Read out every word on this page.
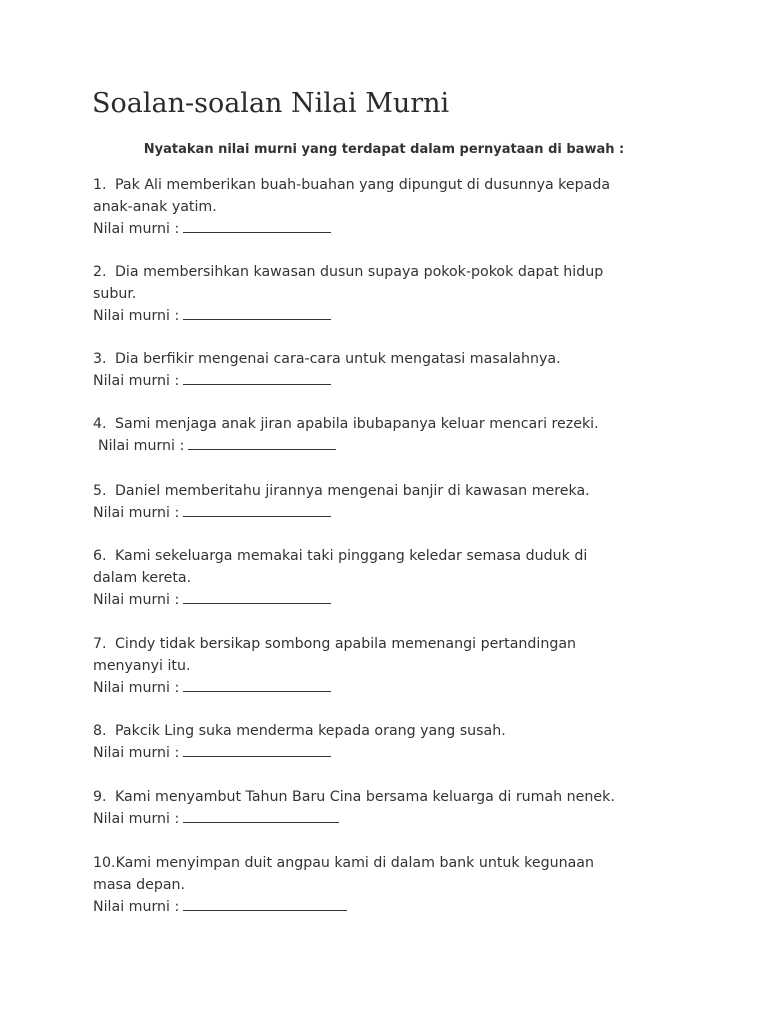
Soalan-soalan Nilai Murni
Nyatakan nilai murni yang terdapat dalam pernyataan di bawah :
1. Pak Ali memberikan buah-buahan yang dipungut di dusunnya kepada
anak-anak yatim.
Nilai murni :
2. Dia membersihkan kawasan dusun supaya pokok-pokok dapat hidup
subur.
Nilai murni :
3. Dia berfikir mengenai cara-cara untuk mengatasi masalahnya.
Nilai murni :
4. Sami menjaga anak jiran apabila ibubapanya keluar mencari rezeki.
Nilai murni :
5. Daniel memberitahu jirannya mengenai banjir di kawasan mereka.
Nilai murni :
6. Kami sekeluarga memakai taki pinggang keledar semasa duduk di
dalam kereta.
Nilai murni :
7. Cindy tidak bersikap sombong apabila memenangi pertandingan
menyanyi itu.
Nilai murni :
8. Pakcik Ling suka menderma kepada orang yang susah.
Nilai murni :
9. Kami menyambut Tahun Baru Cina bersama keluarga di rumah nenek.
Nilai murni :
10.Kami menyimpan duit angpau kami di dalam bank untuk kegunaan
masa depan.
Nilai murni :
